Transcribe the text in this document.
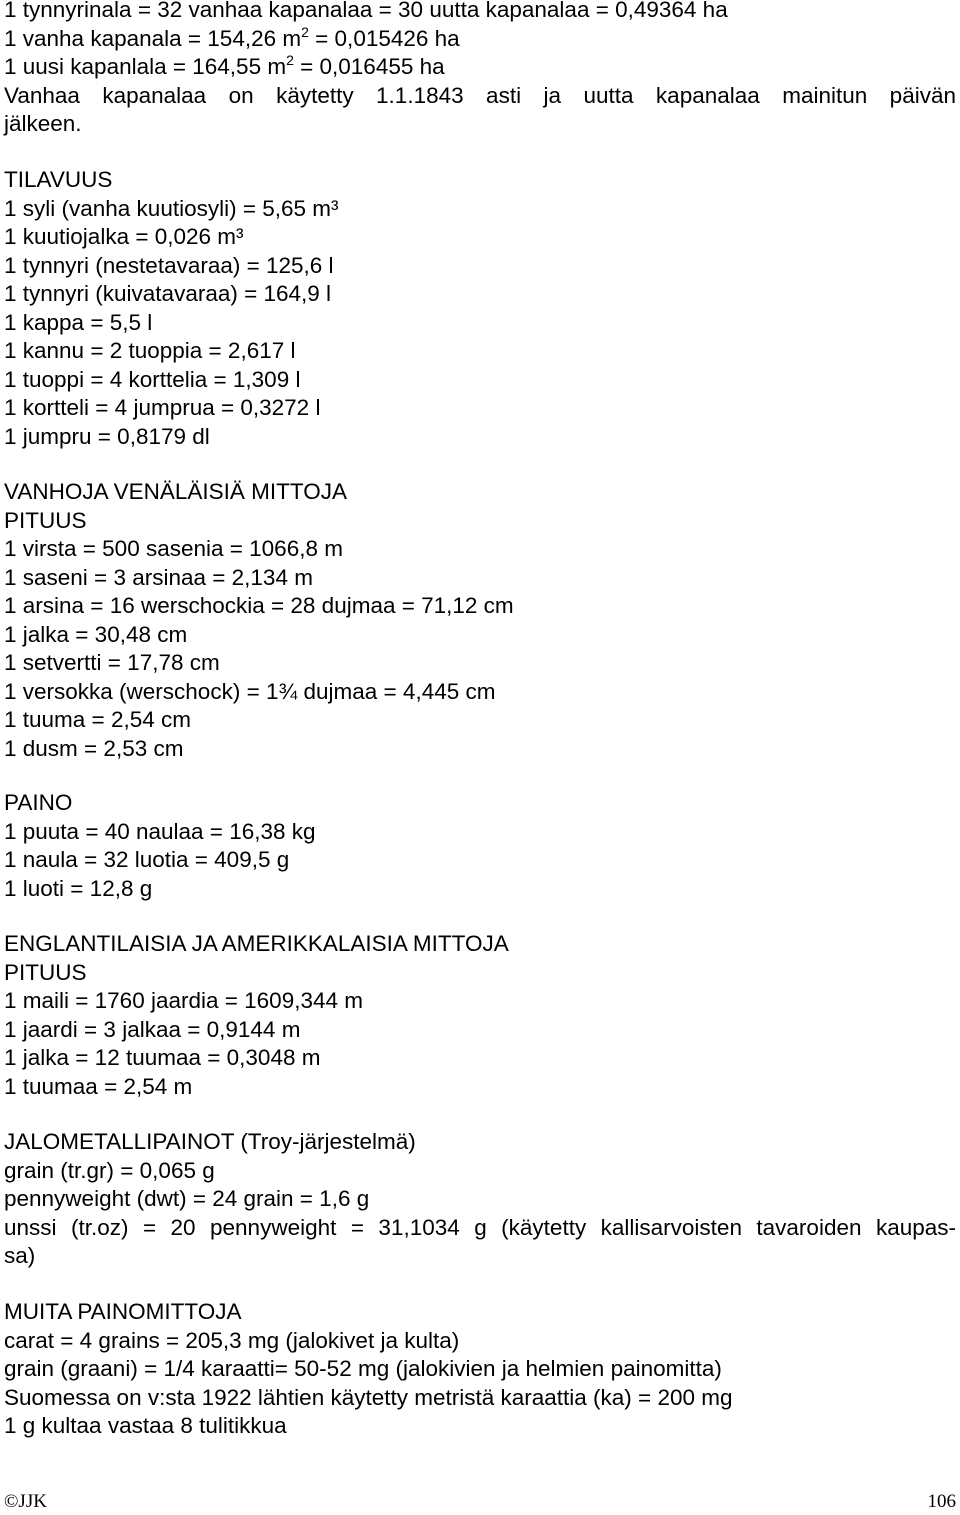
1 tynnyrinala = 32 vanhaa kapanalaa = 30 uutta kapanalaa = 0,49364 ha
1 vanha kapanala = 154,26 $m^2 = 0,015426$ ha
1 uusi kapanlala = 164,55 $m^2 = 0,016455$ ha
Vanhaa kapanalaa on käytetty 1.1.1843 asti ja uutta kapanalaa mainitun päivän
jälkeen.
TILAVUUS
1 syli (vanha kuutiosyli) = 5,65 m³
1 kuutiojalka = 0,026 m³
1 tynnyri (nestetavaraa) = 125,6 l
1 tynnyri (kuivatavaraa) = 164,9 l
1 kappa = 5,5 l
1 kannu = 2 tuoppia = 2,617 l
1 tuoppi = 4 korttelia = 1,309 l
1 kortteli = 4 jumprua = 0,3272 l
1 jumpru = 0,8179 dl
VANHOJA VENÄLÄISIÄ MITTOJA
PITUUS
1 virsta = 500 sasenia = 1066,8 m
1 saseni = 3 arsinaa = 2,134 m
1 arsina = 16 werschockia = 28 dujmaa = 71,12 cm
1 jalka = 30,48 cm
1 setvertti = 17,78 cm
1 versokka (werschock) = 1¾ dujmaa = 4,445 cm
1 tuuma = 2,54 cm
1 dusm = 2,53 cm
PAINO
1 puuta = 40 naulaa = 16,38 kg
1 naula = 32 luotia = 409,5 g
1 luoti = 12,8 g
ENGLANTILAISIA JA AMERIKKALAISIA MITTOJA
PITUUS
1 maili = 1760 jaardia = 1609,344 m
1 jaardi = 3 jalkaa = 0,9144 m
1 jalka = 12 tuumaa = 0,3048 m
1 tuumaa = 2,54 m
JALOMETALLIPAINOT (Troy-järjestelmä)
grain (tr.gr) = 0,065 g
pennyweight (dwt) = 24 grain = 1,6 g
unssi (tr.oz) = 20 pennyweight = 31,1034 g (käytetty kallisarvoisten tavaroiden kaupas-
sa)
MUITA PAINOMITTOJA
carat = 4 grains = 205,3 mg (jalokivet ja kulta)
grain (graani) = 1/4 karaatti= 50-52 mg (jalokivien ja helmien painomitta)
Suomessa on v:sta 1922 lähtien käytetty metristä karaattia (ka) = 200 mg
1 g kultaa vastaa 8 tulitikkua
©JJK	106
